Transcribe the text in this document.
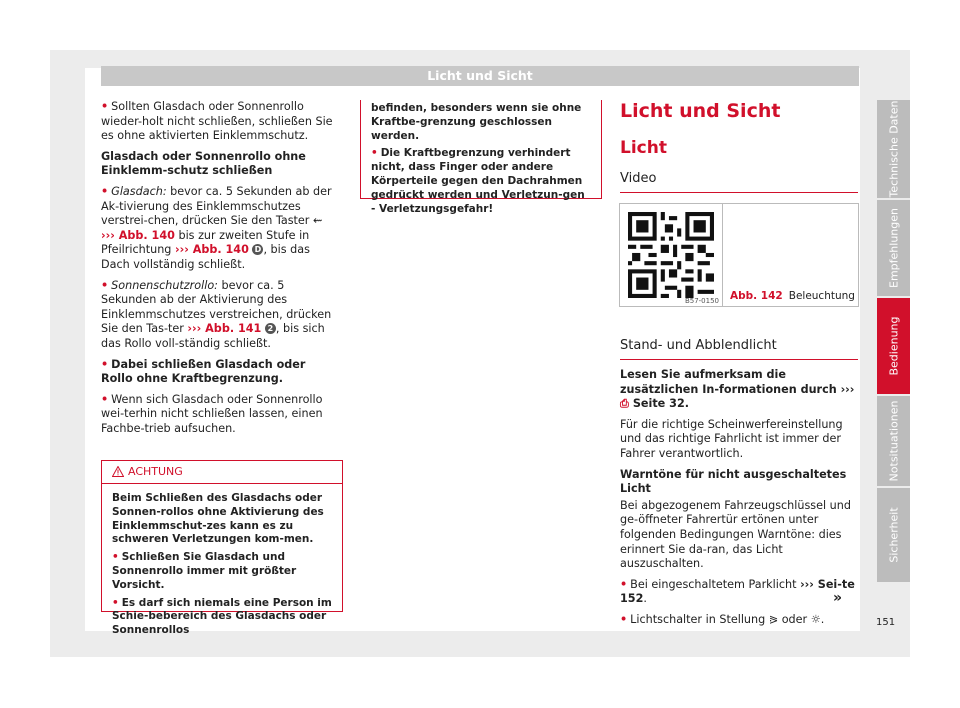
Licht und Sicht

• Sollten Glasdach oder Sonnenrollo wieder-holt nicht schließen, schließen Sie es ohne aktivierten Einklemmschutz.

Glasdach oder Sonnenrollo ohne Einklemm-schutz schließen

• Glasdach: bevor ca. 5 Sekunden ab der Ak-tivierung des Einklemmschutzes verstrei-chen, drücken Sie den Taster ⇜ ››› Abb. 140 bis zur zweiten Stufe in Pfeilrichtung ››› Abb. 140 D , bis das Dach vollständig schließt.

• Sonnenschutzrollo: bevor ca. 5 Sekunden ab der Aktivierung des Einklemmschutzes verstreichen, drücken Sie den Tas-ter ››› Abb. 141 2 , bis sich das Rollo voll-ständig schließt.

• Dabei schließen Glasdach oder Rollo ohne Kraftbegrenzung.

• Wenn sich Glasdach oder Sonnenrollo wei-terhin nicht schließen lassen, einen Fachbe-trieb aufsuchen.

ACHTUNG

Beim Schließen des Glasdachs oder Sonnen-rollos ohne Aktivierung des Einklemmschut-zes kann es zu schweren Verletzungen kom-men.

• Schließen Sie Glasdach und Sonnenrollo immer mit größter Vorsicht.

• Es darf sich niemals eine Person im Schie-bebereich des Glasdachs oder Sonnenrollos

befinden, besonders wenn sie ohne Kraftbe-grenzung geschlossen werden.

• Die Kraftbegrenzung verhindert nicht, dass Finger oder andere Körperteile gegen den Dachrahmen gedrückt werden und Verletzun-gen - Verletzungsgefahr!

Licht und Sicht
Licht
Video
B57-0150 Abb. 142 Beleuchtung
Stand- und Abblendlicht

Lesen Sie aufmerksam die zusätzlichen In-formationen durch ››› ⎙ Seite 32.

Für die richtige Scheinwerfereinstellung und das richtige Fahrlicht ist immer der Fahrer verantwortlich.

Warntöne für nicht ausgeschaltetes Licht

Bei abgezogenem Fahrzeugschlüssel und ge-öffneter Fahrertür ertönen unter folgenden Bedingungen Warntöne: dies erinnert Sie da-ran, das Licht auszuschalten.

• Bei eingeschaltetem Parklicht ››› Sei-te 152.

• Lichtschalter in Stellung ⪘ oder ☼.

»
151
Technische Daten
Empfehlungen
Bedienung
Notsituationen
Sicherheit
